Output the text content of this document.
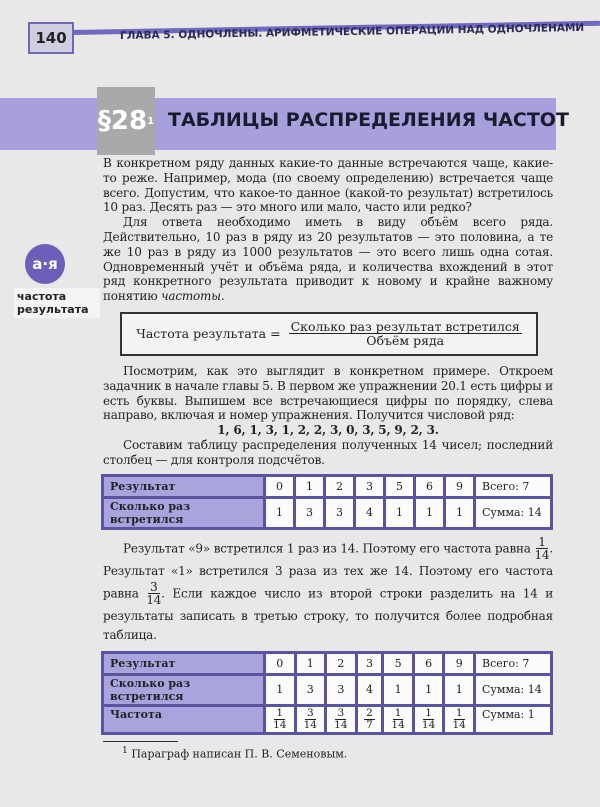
140	ГЛАВА 5. ОДНОЧЛЕНЫ. АРИФМЕТИЧЕСКИЕ ОПЕРАЦИИ НАД ОДНОЧЛЕНАМИ
§28 1 ТАБЛИЦЫ РАСПРЕДЕЛЕНИЯ ЧАСТОТ
а·я
частота результата

В конкретном ряду данных какие-то данные встречаются чаще, какие-то реже. Например, мода (по своему определению) встречается чаще всего. Допустим, что какое-то данное (какой-то результат) встретилось 10 раз. Десять раз — это много или мало, часто или редко?

Для ответа необходимо иметь в виду объём всего ряда. Действительно, 10 раз в ряду из 20 результатов — это половина, а те же 10 раз в ряду из 1000 результатов — это всего лишь одна сотая. Одновременный учёт и объёма ряда, и количества вхождений в этот ряд конкретного результата приводит к новому и крайне важному понятию частоты.

Частота результата = $\frac{\text{Сколько раз результат встретился}}{\text{Объём ряда}}$

Посмотрим, как это выглядит в конкретном примере. Откроем задачник в начале главы 5. В первом же упражнении 20.1 есть цифры и есть буквы. Выпишем все встречающиеся цифры по порядку, слева направо, включая и номер упражнения. Получится числовой ряд:

1, 6, 1, 3, 1, 2, 2, 3, 0, 3, 5, 9, 2, 3.

Составим таблицу распределения полученных 14 чисел; последний столбец — для контроля подсчётов.

Результат	0	1	2	3	5	6	9	Всего: 7
Сколько раз встретился	1	3	3	4	1	1	1	Сумма: 14

Результат «9» встретился 1 раз из 14. Поэтому его частота равна $\frac{1}{14}$ . Результат «1» встретился 3 раза из тех же 14. Поэтому его частота равна $\frac{3}{14}$ . Если каждое число из второй строки разделить на 14 и результаты записать в третью строку, то получится более подробная таблица.

Результат	0	1	2	3	5	6	9	Всего: 7
Сколько раз встретился	1	3	3	4	1	1	1	Сумма: 14
Частота	$\frac{1}{14}$	$\frac{3}{14}$	$\frac{3}{14}$	$\frac{2}{7}$	$\frac{1}{14}$	$\frac{1}{14}$	$\frac{1}{14}$	Сумма: 1
$^1$ Параграф написан П. В. Семеновым.
